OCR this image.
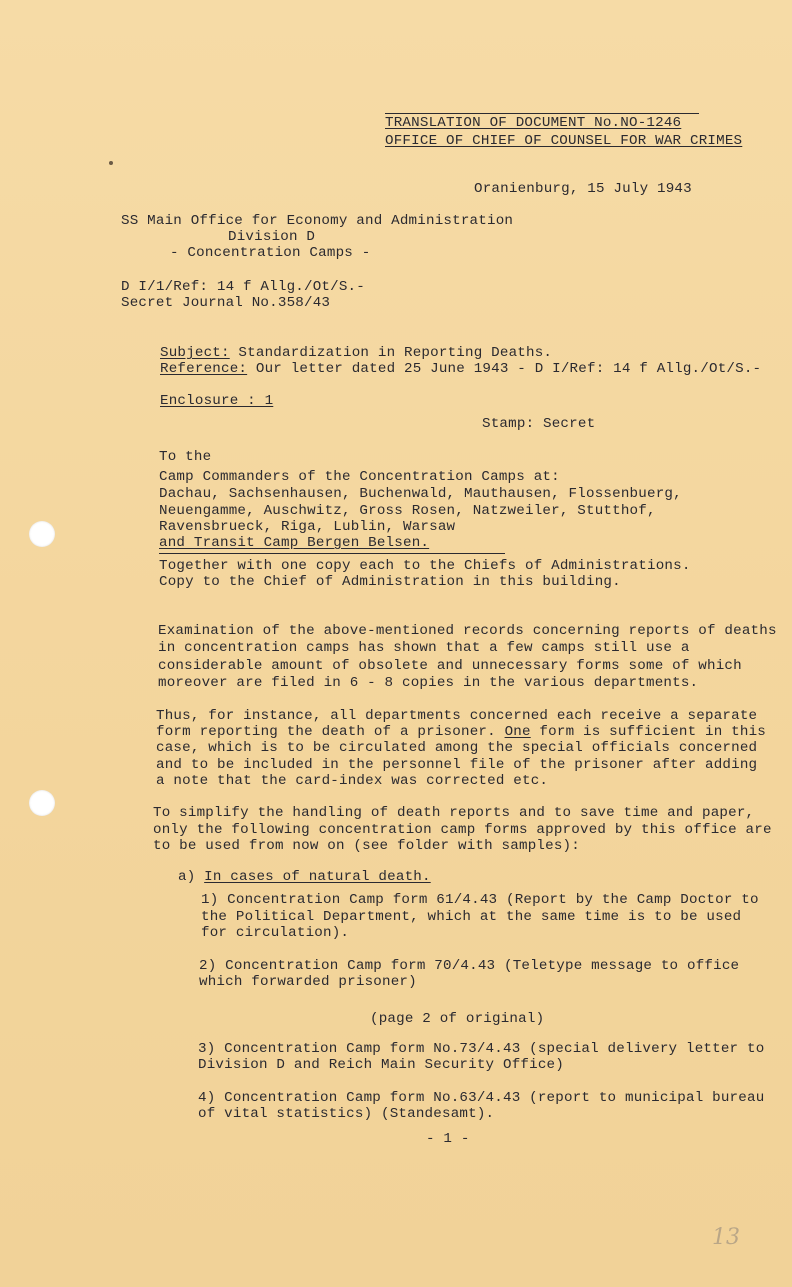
TRANSLATION OF DOCUMENT No.NO-1246
OFFICE OF CHIEF OF COUNSEL FOR WAR CRIMES
Oranienburg, 15 July 1943
SS Main Office for Economy and Administration
Division D
- Concentration Camps -
D I/1/Ref: 14 f Allg./Ot/S.-
Secret Journal No.358/43
Subject: Standardization in Reporting Deaths.
Reference: Our letter dated 25 June 1943 - D I/Ref: 14 f Allg./Ot/S.-
Enclosure : 1
Stamp: Secret
To the
Camp Commanders of the Concentration Camps at:
Dachau, Sachsenhausen, Buchenwald, Mauthausen, Flossenbuerg,
Neuengamme, Auschwitz, Gross Rosen, Natzweiler, Stutthof,
Ravensbrueck, Riga, Lublin, Warsaw
and Transit Camp Bergen Belsen.
Together with one copy each to the Chiefs of Administrations.
Copy to the Chief of Administration in this building.
Examination of the above-mentioned records concerning reports of deaths
in concentration camps has shown that a few camps still use a
considerable amount of obsolete and unnecessary forms some of which
moreover are filed in 6 - 8 copies in the various departments.
Thus, for instance, all departments concerned each receive a separate
form reporting the death of a prisoner. One form is sufficient in this
case, which is to be circulated among the special officials concerned
and to be included in the personnel file of the prisoner after adding
a note that the card-index was corrected etc.
To simplify the handling of death reports and to save time and paper,
only the following concentration camp forms approved by this office are
to be used from now on (see folder with samples):
a) In cases of natural death.
1) Concentration Camp form 61/4.43 (Report by the Camp Doctor to
the Political Department, which at the same time is to be used
for circulation).
2) Concentration Camp form 70/4.43 (Teletype message to office
which forwarded prisoner)
(page 2 of original)
3) Concentration Camp form No.73/4.43 (special delivery letter to
Division D and Reich Main Security Office)
4) Concentration Camp form No.63/4.43 (report to municipal bureau
of vital statistics) (Standesamt).
- 1 -
13
